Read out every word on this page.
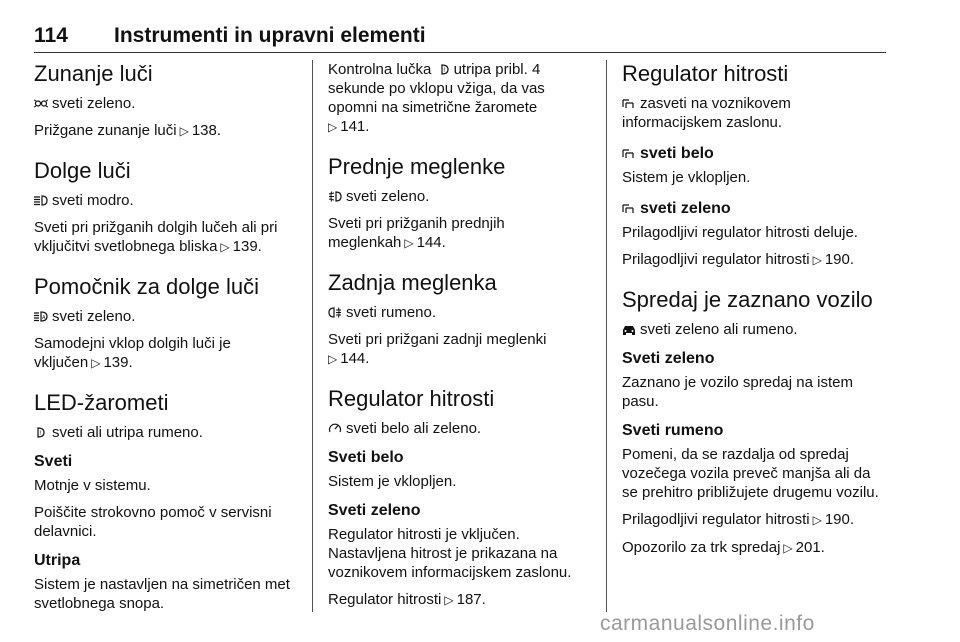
114 Instrumenti in upravni elementi
Zunanje luči

sveti zeleno.

Prižgane zunanje luči ▷ 138.

Dolge luči

sveti modro.

Sveti pri prižganih dolgih lučeh ali pri vključitvi svetlobnega bliska ▷ 139.

Pomočnik za dolge luči

A sveti zeleno.

Samodejni vklop dolgih luči je vključen ▷ 139.

LED-žarometi

! sveti ali utripa rumeno.

Sveti

Motnje v sistemu.

Poiščite strokovno pomoč v servisni delavnici.

Utripa

Sistem je nastavljen na simetričen met svetlobnega snopa.

Kontrolna lučka ! utripa pribl. 4 sekunde po vklopu vžiga, da vas opomni na simetrične žaromete
▷ 141.

Prednje meglenke

sveti zeleno.

Sveti pri prižganih prednjih meglenkah ▷ 144.

Zadnja meglenka

sveti rumeno.

Sveti pri prižgani zadnji meglenki
▷ 144.

Regulator hitrosti

sveti belo ali zeleno.

Sveti belo

Sistem je vklopljen.

Sveti zeleno

Regulator hitrosti je vključen. Nastavljena hitrost je prikazana na voznikovem informacijskem zaslonu.

Regulator hitrosti ▷ 187.

Regulator hitrosti

zasveti na voznikovem informacijskem zaslonu.

sveti belo

Sistem je vklopljen.

sveti zeleno

Prilagodljivi regulator hitrosti deluje.

Prilagodljivi regulator hitrosti ▷ 190.

Spredaj je zaznano vozilo

sveti zeleno ali rumeno.

Sveti zeleno

Zaznano je vozilo spredaj na istem pasu.

Sveti rumeno

Pomeni, da se razdalja od spredaj vozečega vozila preveč manjša ali da se prehitro približujete drugemu vozilu.

Prilagodljivi regulator hitrosti ▷ 190.

Opozorilo za trk spredaj ▷ 201.

carmanualsonline.info
